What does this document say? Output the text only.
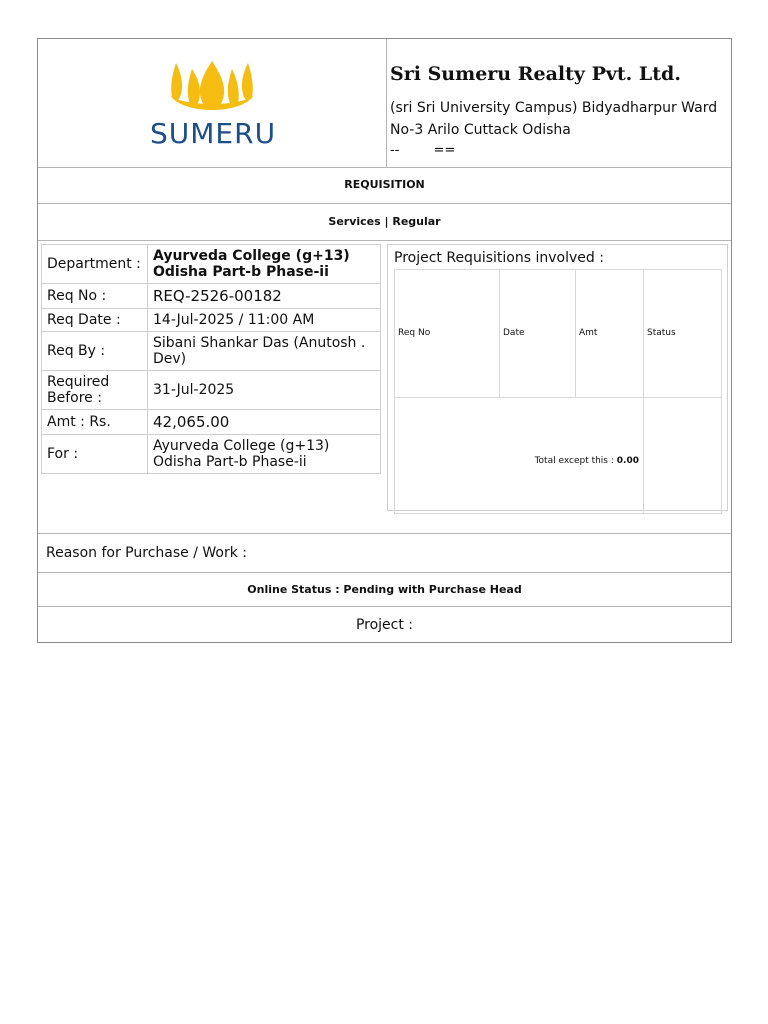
SUMERU
Sri Sumeru Realty Pvt. Ltd.
(sri Sri University Campus) Bidyadharpur Ward No-3 Arilo Cuttack Odisha
-- ==
REQUISITION
Services | Regular
Department :	Ayurveda College (g+13) Odisha Part-b Phase-ii
Req No :	REQ-2526-00182
Req Date :	14-Jul-2025 / 11:00 AM
Req By :	Sibani Shankar Das (Anutosh . Dev)
Required Before :	31-Jul-2025
Amt : Rs.	42,065.00
For :	Ayurveda College (g+13) Odisha Part-b Phase-ii
Project Requisitions involved :
Req No	Date	Amt	Status
Total except this : 0.00
Reason for Purchase / Work :
Online Status : Pending with Purchase Head
Project :
